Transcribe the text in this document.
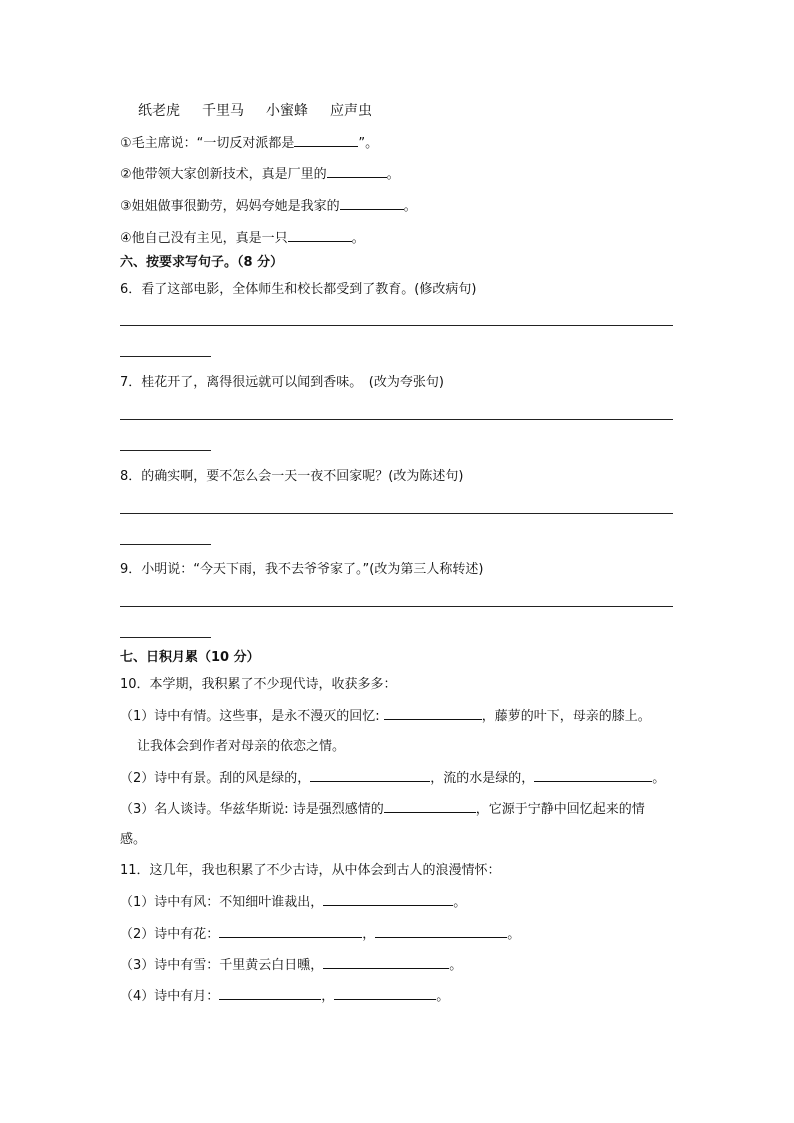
纸老虎 千里马 小蜜蜂 应声虫
①毛主席说：“一切反对派都是	”。
②他带领大家创新技术，真是厂里的	。
③姐姐做事很勤劳，妈妈夸她是我家的	。
④他自己没有主见，真是一只	。
六、按要求写句子。（8 分）
6．看了这部电影，全体师生和校长都受到了教育。(修改病句)
7．桂花开了，离得很远就可以闻到香味。　(改为夸张句)
8．的确实啊，要不怎么会一天一夜不回家呢？(改为陈述句)
9．小明说：“今天下雨，我不去爷爷家了。”(改为第三人称转述)
七、日积月累（10 分）
10．本学期，我积累了不少现代诗，收获多多：
（1）诗中有情。这些事，是永不漫灭的回忆:	，藤萝的叶下，母亲的膝上。
让我体会到作者对母亲的依恋之情。
（2）诗中有景。刮的风是绿的，	，流的水是绿的，	。
（3）名人谈诗。华兹华斯说: 诗是强烈感情的	，它源于宁静中回忆起来的情
感。
11．这几年，我也积累了不少古诗，从中体会到古人的浪漫情怀：
（1）诗中有风：不知细叶谁裁出，	。
（2）诗中有花：	，	。
（3）诗中有雪：千里黄云白日曛，	。
（4）诗中有月：	，	。
